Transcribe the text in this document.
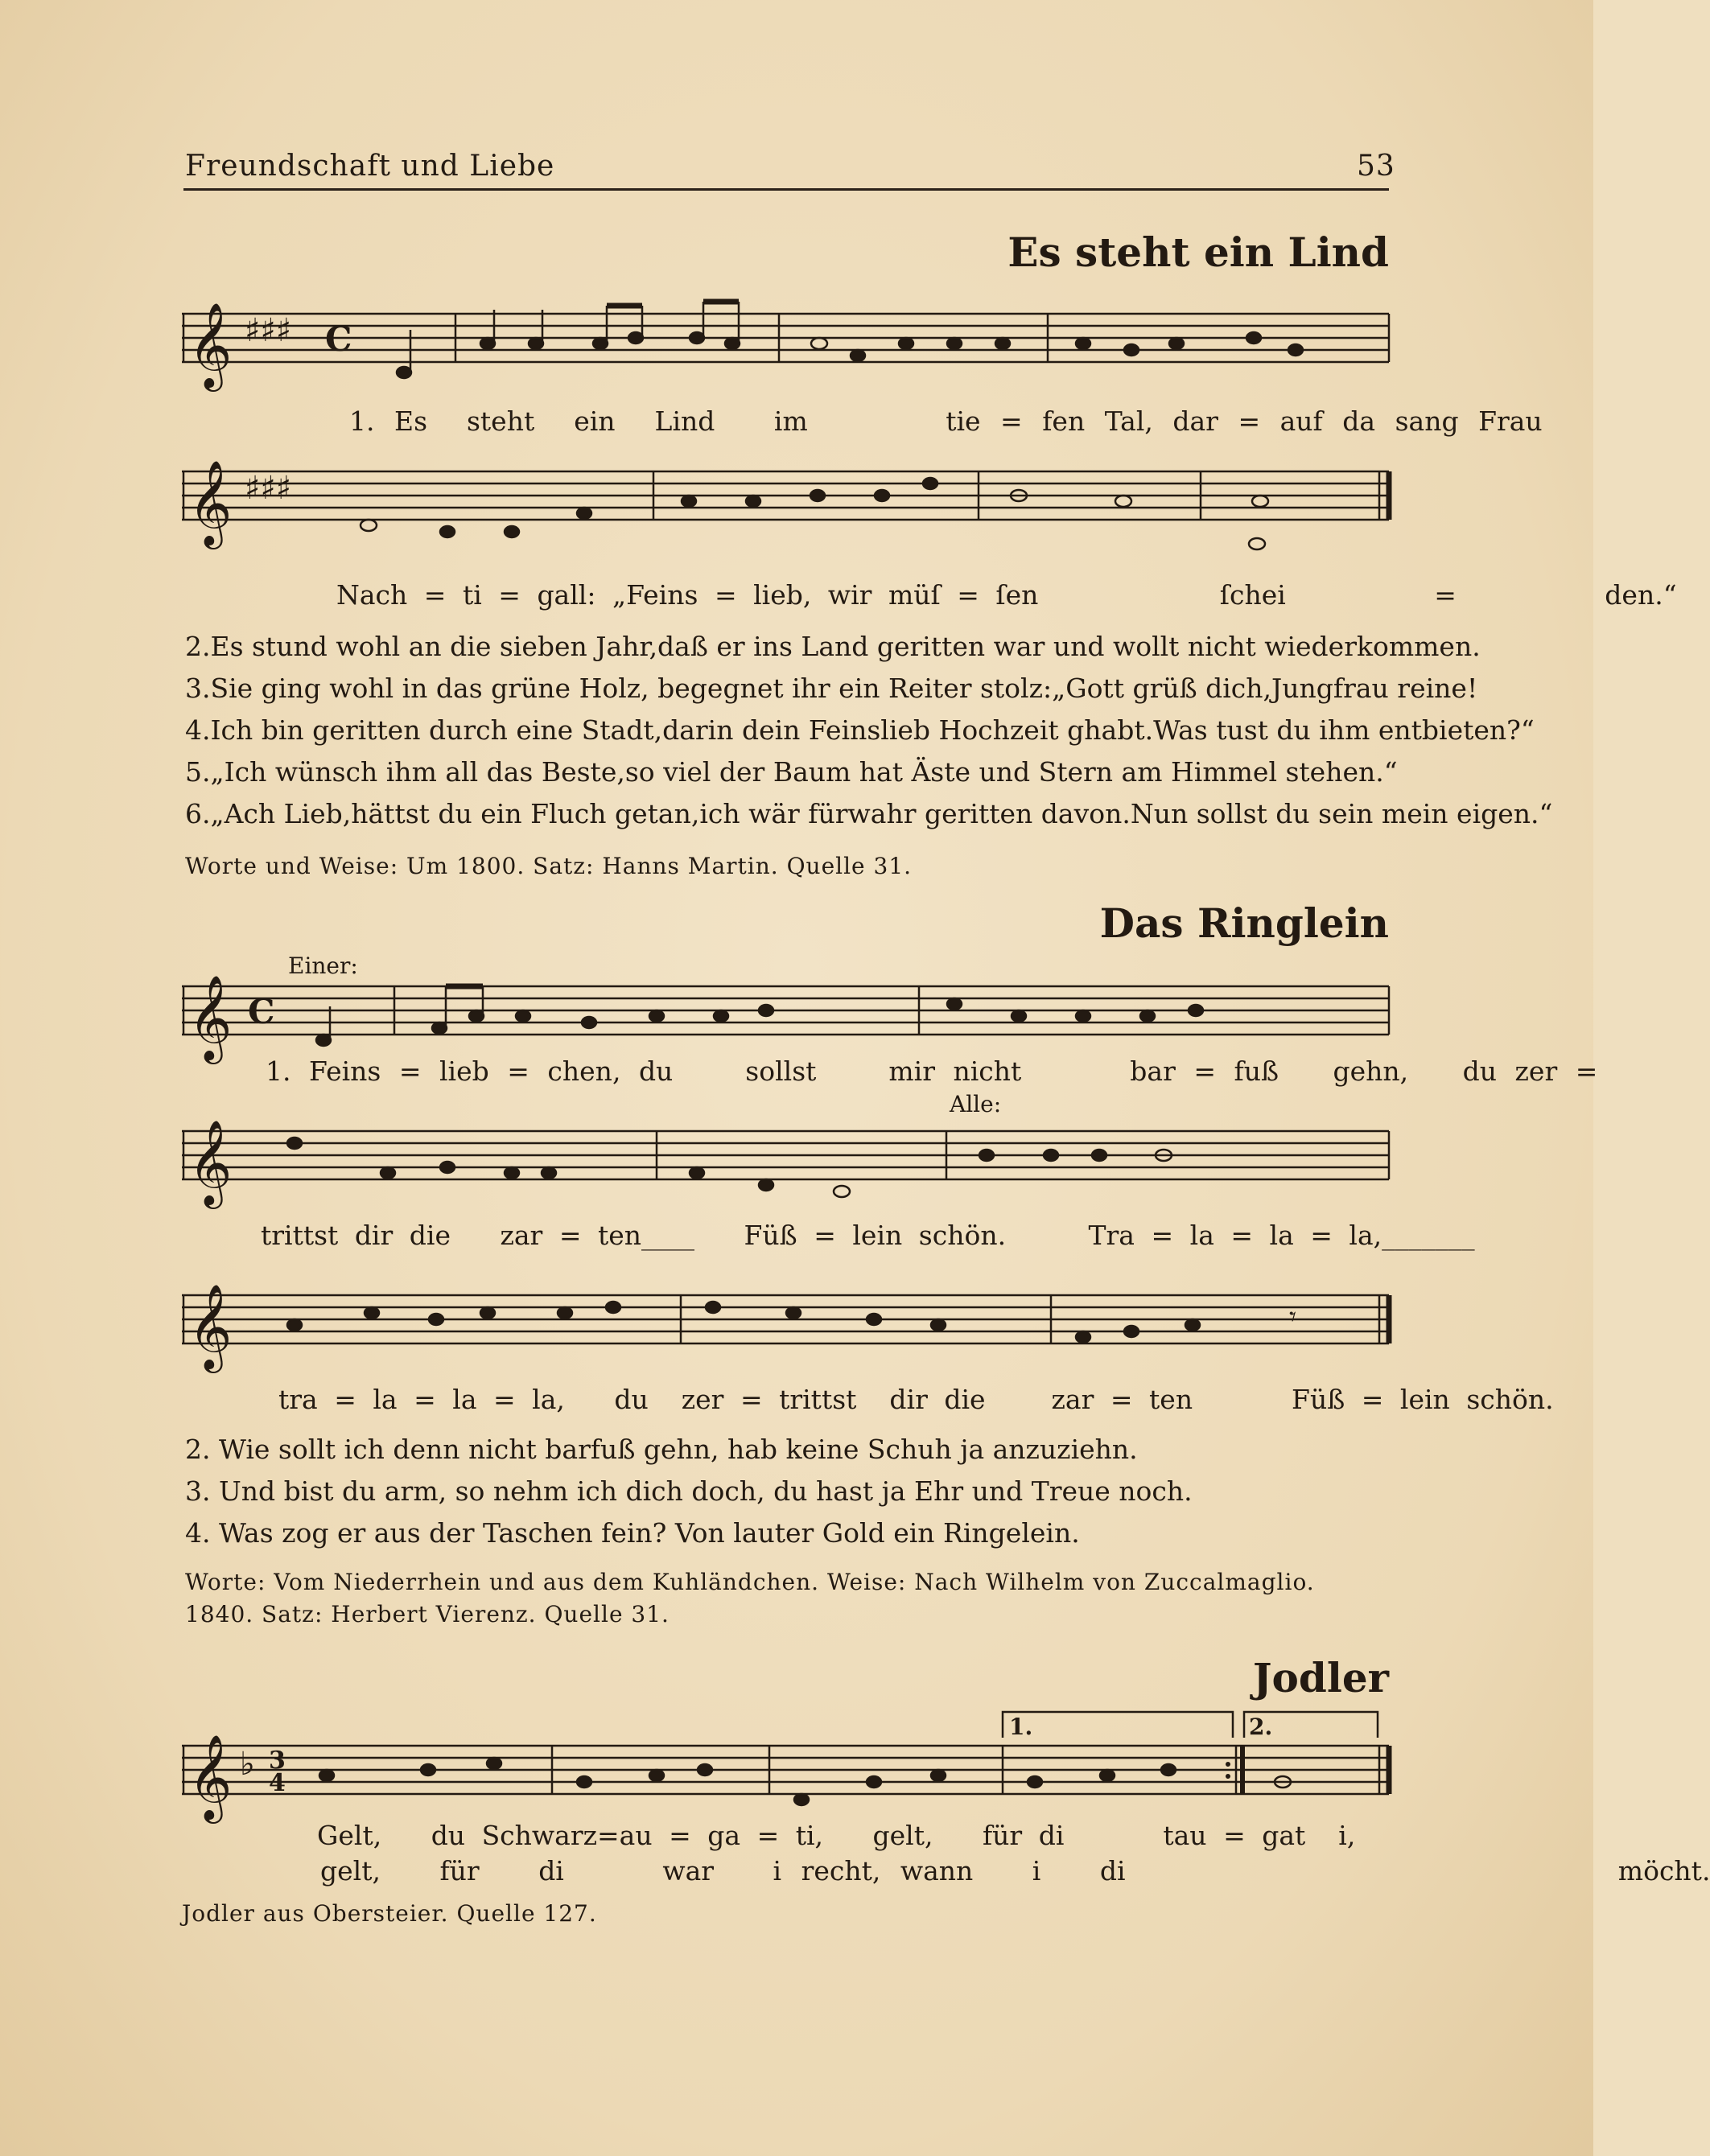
Freundschaft und Liebe	53
Es steht ein Lind
𝄞 ♯♯♯ C
1. Es steht ein Lind im	tie = fen Tal, dar = auf da sang Frau
𝄞 ♯♯♯
Nach = ti = gall: „Feins = lieb, wir müſ = ſen	ſchei	=	den.“
2.Es stund wohl an die sieben Jahr,daß er ins Land geritten war und wollt nicht wiederkommen.
3.Sie ging wohl in das grüne Holz, begegnet ihr ein Reiter stolz:„Gott grüß dich,Jungfrau reine!
4.Ich bin geritten durch eine Stadt,darin dein Feinslieb Hochzeit ghabt.Was tust du ihm entbieten?“
5.„Ich wünsch ihm all das Beste,so viel der Baum hat Äste und Stern am Himmel stehen.“
6.„Ach Lieb,hättst du ein Fluch getan,ich wär fürwahr geritten davon.Nun sollst du sein mein eigen.“
Worte und Weise: Um 1800. Satz: Hanns Martin. Quelle 31.
Das Ringlein
Einer:
𝄞 C
1. Feins = lieb = chen, du	sollst	mir nicht	bar = fuß gehn, du zer =
Alle:
𝄞
trittst dir die zar = ten____   Füß = lein schön.	Tra = la = la = la,_______
𝄞	𝄾
tra = la = la = la, du zer = trittst dir die zar = ten	Füß = lein schön.
2. Wie sollt ich denn nicht barfuß gehn, hab keine Schuh ja anzuziehn.
3. Und bist du arm, so nehm ich dich doch, du hast ja Ehr und Treue noch.
4. Was zog er aus der Taschen fein? Von lauter Gold ein Ringelein.
Worte: Vom Niederrhein und aus dem Kuhländchen. Weise: Nach Wilhelm von Zuccalmaglio.
1840. Satz: Herbert Vierenz. Quelle 31.
Jodler
1.	2.
𝄞 ♭ 3
4
Gelt, du Schwarz=au = ga = ti, gelt, für di	tau = gat i,
gelt, für di	war i recht, wann i di	möcht.
Jodler aus Obersteier. Quelle 127.
